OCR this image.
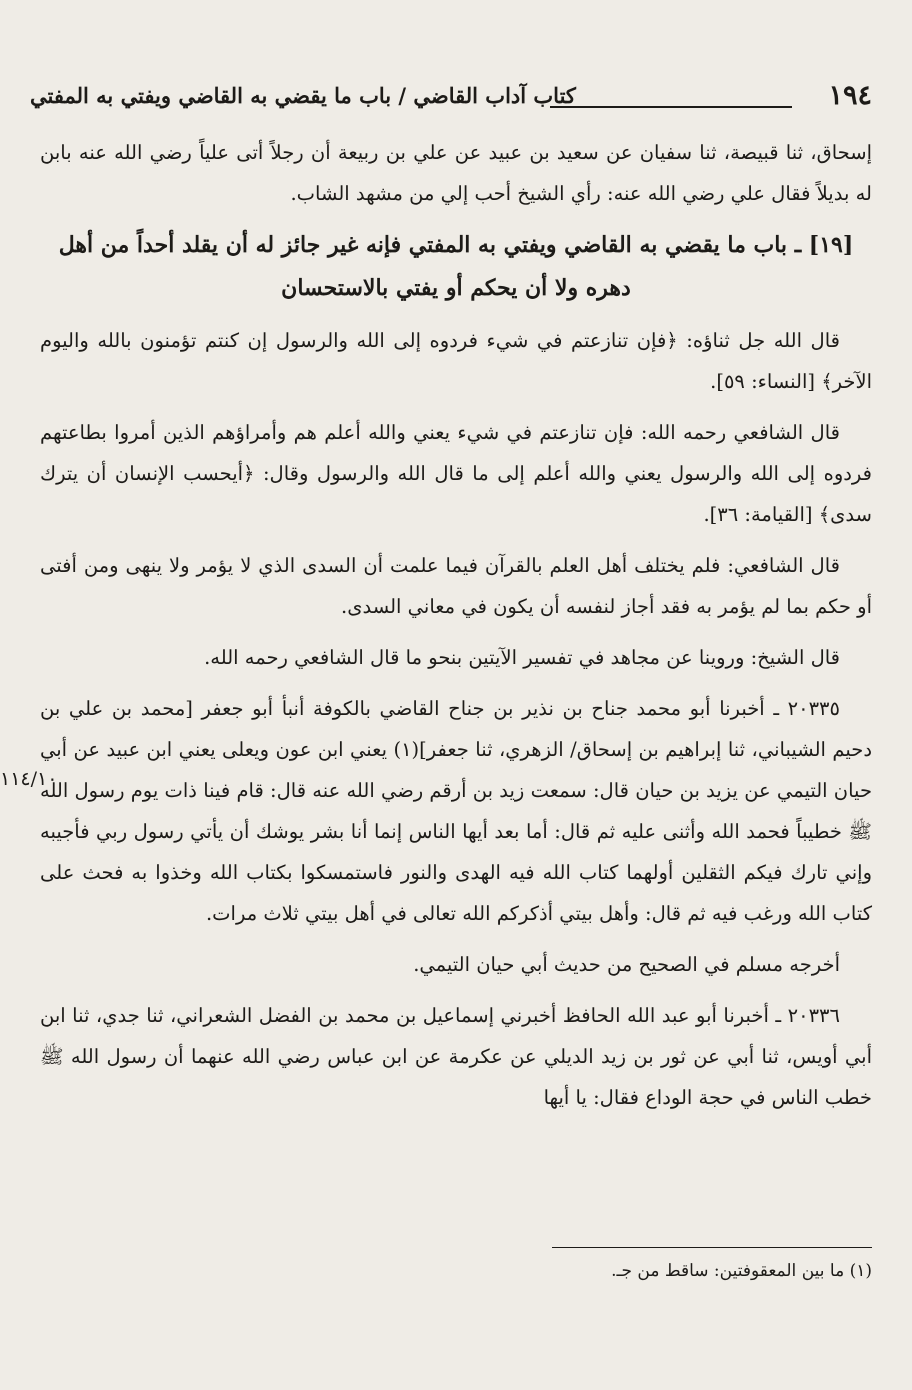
١٩٤
كتاب آداب القاضي / باب ما يقضي به القاضي ويفتي به المفتي

إسحاق، ثنا قبيصة، ثنا سفيان عن سعيد بن عبيد عن علي بن ربيعة أن رجلاً أتى علياً رضي الله عنه بابن له بديلاً فقال علي رضي الله عنه: رأي الشيخ أحب إلي من مشهد الشاب.

[١٩] ـ باب ما يقضي به القاضي ويفتي به المفتي فإنه غير جائز له أن يقلد أحداً من أهل دهره ولا أن يحكم أو يفتي بالاستحسان

قال الله جل ثناؤه: ﴿فإن تنازعتم في شيء فردوه إلى الله والرسول إن كنتم تؤمنون بالله واليوم الآخر﴾ [النساء: ٥٩].

قال الشافعي رحمه الله: فإن تنازعتم في شيء يعني والله أعلم هم وأمراؤهم الذين أمروا بطاعتهم فردوه إلى الله والرسول يعني والله أعلم إلى ما قال الله والرسول وقال: ﴿أيحسب الإنسان أن يترك سدى﴾ [القيامة: ٣٦].

قال الشافعي: فلم يختلف أهل العلم بالقرآن فيما علمت أن السدى الذي لا يؤمر ولا ينهى ومن أفتى أو حكم بما لم يؤمر به فقد أجاز لنفسه أن يكون في معاني السدى.

قال الشيخ: وروينا عن مجاهد في تفسير الآيتين بنحو ما قال الشافعي رحمه الله.

٢٠٣٣٥ ـ أخبرنا أبو محمد جناح بن نذير بن جناح القاضي بالكوفة أنبأ أبو جعفر [محمد بن علي بن دحيم الشيباني، ثنا إبراهيم بن إسحاق/ الزهري، ثنا جعفر](١) يعني ابن عون ويعلى يعني ابن عبيد عن أبي حيان التيمي عن يزيد بن حيان قال: سمعت زيد بن أرقم رضي الله عنه قال: قام فينا ذات يوم رسول الله ﷺ خطيباً فحمد الله وأثنى عليه ثم قال: أما بعد أيها الناس إنما أنا بشر يوشك أن يأتي رسول ربي فأجيبه وإني تارك فيكم الثقلين أولهما كتاب الله فيه الهدى والنور فاستمسكوا بكتاب الله وخذوا به فحث على كتاب الله ورغب فيه ثم قال: وأهل بيتي أذكركم الله تعالى في أهل بيتي ثلاث مرات.

أخرجه مسلم في الصحيح من حديث أبي حيان التيمي.

٢٠٣٣٦ ـ أخبرنا أبو عبد الله الحافظ أخبرني إسماعيل بن محمد بن الفضل الشعراني، ثنا جدي، ثنا ابن أبي أويس، ثنا أبي عن ثور بن زيد الديلي عن عكرمة عن ابن عباس رضي الله عنهما أن رسول الله ﷺ خطب الناس في حجة الوداع فقال: يا أيها

١١٤/١٠
(١) ما بين المعقوفتين: ساقط من جـ.
